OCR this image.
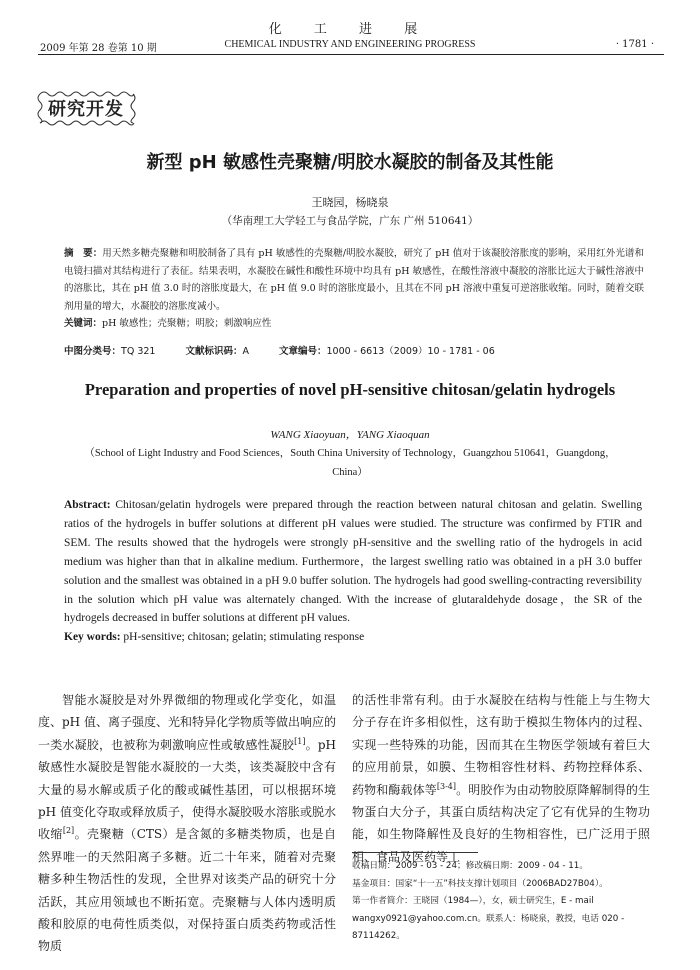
化 工 进 展
2009 年第 28 卷第 10 期	CHEMICAL INDUSTRY AND ENGINEERING PROGRESS	· 1781 ·
研究开发
新型 pH 敏感性壳聚糖/明胶水凝胶的制备及其性能
王晓园，杨晓泉
（华南理工大学轻工与食品学院，广东 广州 510641）
摘　要：用天然多糖壳聚糖和明胶制备了具有 pH 敏感性的壳聚糖/明胶水凝胶，研究了 pH 值对于该凝胶溶胀度的影响，采用红外光谱和电镜扫描对其结构进行了表征。结果表明，水凝胶在碱性和酸性环境中均具有 pH 敏感性，在酸性溶液中凝胶的溶胀比远大于碱性溶液中的溶胀比，其在 pH 值 3.0 时的溶胀度最大，在 pH 值 9.0 时的溶胀度最小，且其在不同 pH 溶液中重复可逆溶胀收缩。同时，随着交联剂用量的增大，水凝胶的溶胀度减小。
关键词：pH 敏感性；壳聚糖；明胶；刺激响应性
中图分类号：TQ 321	文献标识码：A	文章编号：1000 - 6613（2009）10 - 1781 - 06
Preparation and properties of novel pH-sensitive chitosan/gelatin hydrogels
WANG Xiaoyuan，YANG Xiaoquan
（School of Light Industry and Food Sciences，South China University of Technology，Guangzhou 510641，Guangdong，China）
Abstract: Chitosan/gelatin hydrogels were prepared through the reaction between natural chitosan and gelatin. Swelling ratios of the hydrogels in buffer solutions at different pH values were studied. The structure was confirmed by FTIR and SEM. The results showed that the hydrogels were strongly pH-sensitive and the swelling ratio of the hydrogels in acid medium was higher than that in alkaline medium. Furthermore，the largest swelling ratio was obtained in a pH 3.0 buffer solution and the smallest was obtained in a pH 9.0 buffer solution. The hydrogels had good swelling-contracting reversibility in the solution which pH value was alternately changed. With the increase of glutaraldehyde dosage，the SR of the hydrogels decreased in buffer solutions at different pH values.
Key words: pH-sensitive; chitosan; gelatin; stimulating response
智能水凝胶是对外界微细的物理或化学变化，如温度、pH 值、离子强度、光和特异化学物质等做出响应的一类水凝胶，也被称为刺激响应性或敏感性凝胶[1]。pH 敏感性水凝胶是智能水凝胶的一大类，该类凝胶中含有大量的易水解或质子化的酸或碱性基团，可以根据环境 pH 值变化夺取或释放质子，使得水凝胶吸水溶胀或脱水收缩[2]。壳聚糖（CTS）是含氮的多糖类物质，也是自然界唯一的天然阳离子多糖。近二十年来，随着对壳聚糖多种生物活性的发现，全世界对该类产品的研究十分活跃，其应用领域也不断拓宽。壳聚糖与人体内透明质酸和胶原的电荷性质类似，对保持蛋白质类药物或活性物质
的活性非常有利。由于水凝胶在结构与性能上与生物大分子存在许多相似性，这有助于模拟生物体内的过程、实现一些特殊的功能，因而其在生物医学领域有着巨大的应用前景，如膜、生物相容性材料、药物控释体系、药物和酶载体等[3-4]。明胶作为由动物胶原降解制得的生物蛋白大分子，其蛋白质结构决定了它有优异的生物功能，如生物降解性及良好的生物相容性，已广泛用于照相、食品及医药等工
收稿日期：2009 - 03 - 24；修改稿日期：2009 - 04 - 11。
基金项目：国家“十一五”科技支撑计划项目（2006BAD27B04）。
第一作者简介：王晓园（1984—），女，硕士研究生，E - mail wangxy0921@yahoo.com.cn。联系人：杨晓泉，教授，电话 020 - 87114262。
